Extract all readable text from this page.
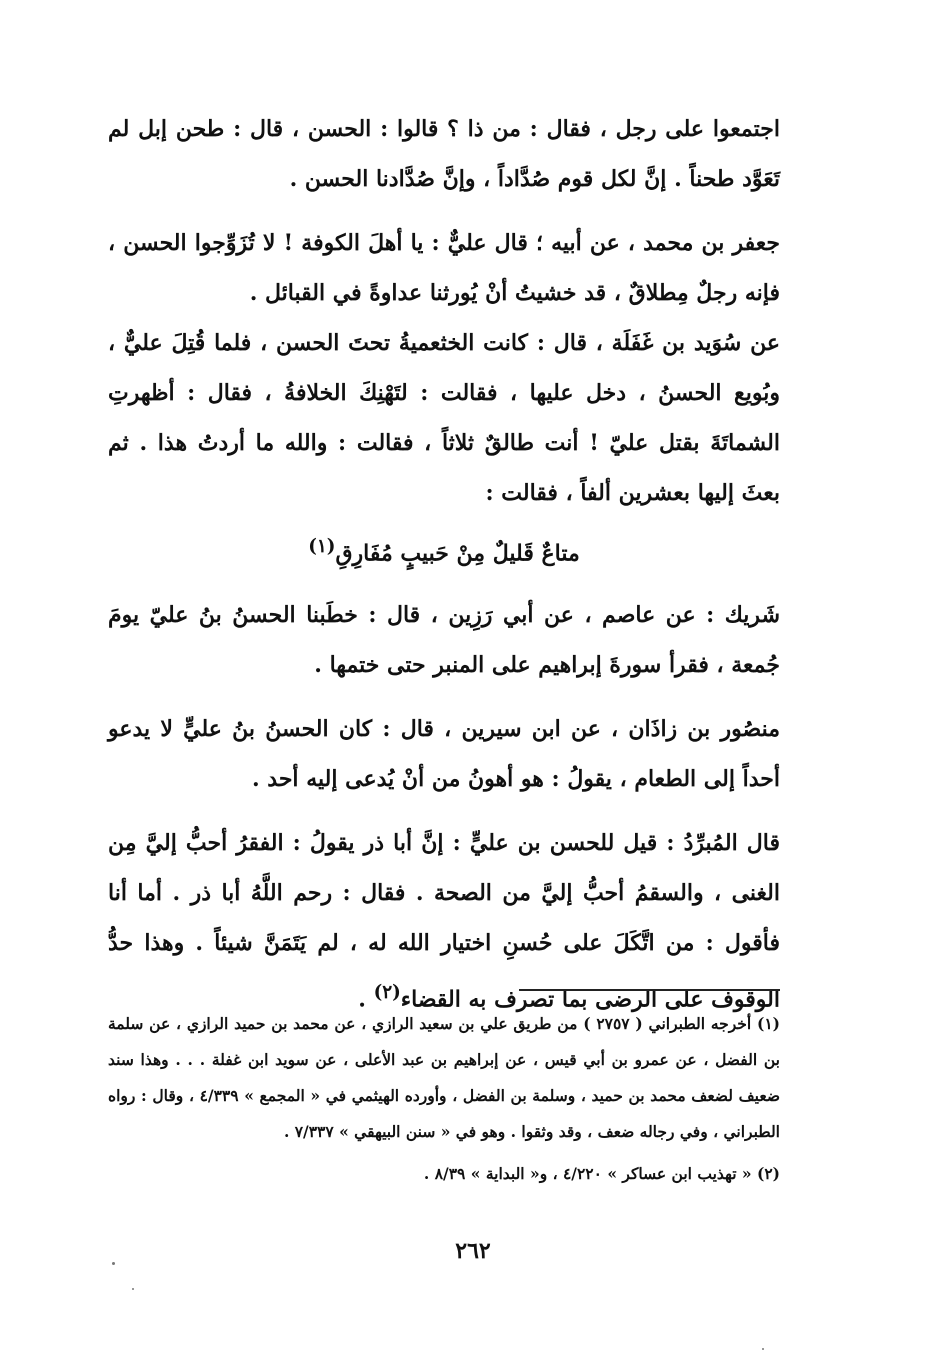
اجتمعوا على رجل ، فقال : من ذا ؟ قالوا : الحسن ، قال : طحن إبل لم تَعَوَّد طحناً . إنَّ لكل قوم صُدَّاداً ، وإنَّ صُدَّادنا الحسن .

جعفر بن محمد ، عن أبيه ؛ قال عليٌّ : يا أهلَ الكوفة ! لا تُزَوِّجوا الحسن ، فإنه رجلٌ مِطلاقٌ ، قد خشيتُ أنْ يُورثنا عداوةً في القبائل .

عن سُوَيد بن غَفَلَة ، قال : كانت الخثعميةُ تحتَ الحسن ، فلما قُتِلَ عليٌّ ، وبُويع الحسنُ ، دخل عليها ، فقالت : لتَهْنِكَ الخلافةُ ، فقال : أظهرتِ الشماتَةَ بقتل عليّ ! أنت طالقٌ ثلاثاً ، فقالت : والله ما أردتُ هذا . ثم بعثَ إليها بعشرين ألفاً ، فقالت :

متاعٌ قَليلٌ مِنْ حَبيبٍ مُفَارِقِ$^{(١)}$

شَريك : عن عاصم ، عن أبي رَزِين ، قال : خطَبنا الحسنُ بنُ عليّ يومَ جُمعة ، فقرأ سورةَ إبراهيم على المنبر حتى ختمها .

منصُور بن زاذَان ، عن ابن سيرين ، قال : كان الحسنُ بنُ عليٍّ لا يدعو أحداً إلى الطعام ، يقولُ : هو أهونُ من أنْ يُدعى إليه أحد .

قال المُبرِّدُ : قيل للحسن بن عليٍّ : إنَّ أبا ذر يقولُ : الفقرُ أحبُّ إليَّ مِن الغنى ، والسقمُ أحبُّ إليَّ من الصحة . فقال : رحم اللَّهُ أبا ذر . أما أنا فأقول : من اتَّكَلَ على حُسنِ اختيار الله له ، لم يَتَمَنَّ شيئاً . وهذا حدُّ الوقوف على الرضى بما تصرف به القضاء$^{(٢)}$ .

(١) أخرجه الطبراني ( ٢٧٥٧ ) من طريق علي بن سعيد الرازي ، عن محمد بن حميد الرازي ، عن سلمة بن الفضل ، عن عمرو بن أبي قيس ، عن إبراهيم بن عبد الأعلى ، عن سويد ابن غفلة . . . وهذا سند ضعيف لضعف محمد بن حميد ، وسلمة بن الفضل ، وأورده الهيثمي في « المجمع » ٤/٣٣٩ ، وقال : رواه الطبراني ، وفي رجاله ضعف ، وقد وثقوا . وهو في « سنن البيهقي » ٧/٣٣٧ .

(٢) « تهذيب ابن عساكر » ٤/٢٢٠ ، و« البداية » ٨/٣٩ .

٢٦٢
